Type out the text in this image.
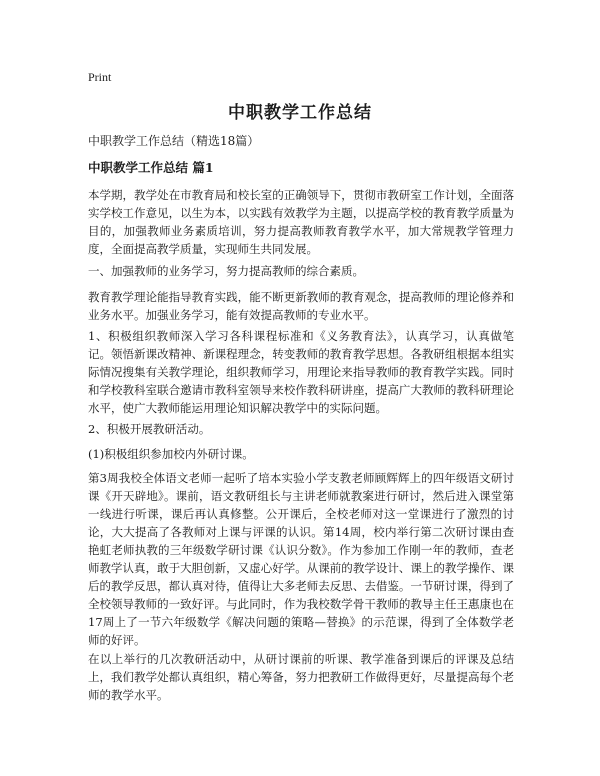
Print
中职教学工作总结
中职教学工作总结（精选18篇）
中职教学工作总结 篇1

本学期，教学处在市教育局和校长室的正确领导下，贯彻市教研室工作计划，全面落实学校工作意见，以生为本，以实践有效教学为主题，以提高学校的教育教学质量为目的，加强教师业务素质培训，努力提高教师教育教学水平，加大常规教学管理力度，全面提高教学质量，实现师生共同发展。

一、加强教师的业务学习，努力提高教师的综合素质。

教育教学理论能指导教育实践，能不断更新教师的教育观念，提高教师的理论修养和业务水平。加强业务学习，能有效提高教师的专业水平。

1、积极组织教师深入学习各科课程标准和《义务教育法》，认真学习，认真做笔记。领悟新课改精神、新课程理念，转变教师的教育教学思想。各教研组根据本组实际情况搜集有关教学理论，组织教师学习，用理论来指导教师的教育教学实践。同时和学校教科室联合邀请市教科室领导来校作教科研讲座，提高广大教师的教科研理论水平，使广大教师能运用理论知识解决教学中的实际问题。

2、积极开展教研活动。

(1)积极组织参加校内外研讨课。

第3周我校全体语文老师一起听了培本实验小学支教老师顾辉辉上的四年级语文研讨课《开天辟地》。课前，语文教研组长与主讲老师就教案进行研讨，然后进入课堂第一线进行听课，课后再认真修整。公开课后，全校老师对这一堂课进行了激烈的讨论，大大提高了各教师对上课与评课的认识。第14周，校内举行第二次研讨课由查艳虹老师执教的三年级数学研讨课《认识分数》。作为参加工作刚一年的教师，查老师教学认真，敢于大胆创新，又虚心好学。从课前的教学设计、课上的教学操作、课后的教学反思，都认真对待，值得让大多老师去反思、去借鉴。一节研讨课，得到了全校领导教师的一致好评。与此同时，作为我校数学骨干教师的教导主任王惠康也在17周上了一节六年级数学《解决问题的策略—替换》的示范课，得到了全体数学老师的好评。

在以上举行的几次教研活动中，从研讨课前的听课、教学准备到课后的评课及总结上，我们教学处都认真组织，精心筹备，努力把教研工作做得更好，尽量提高每个老师的教学水平。
